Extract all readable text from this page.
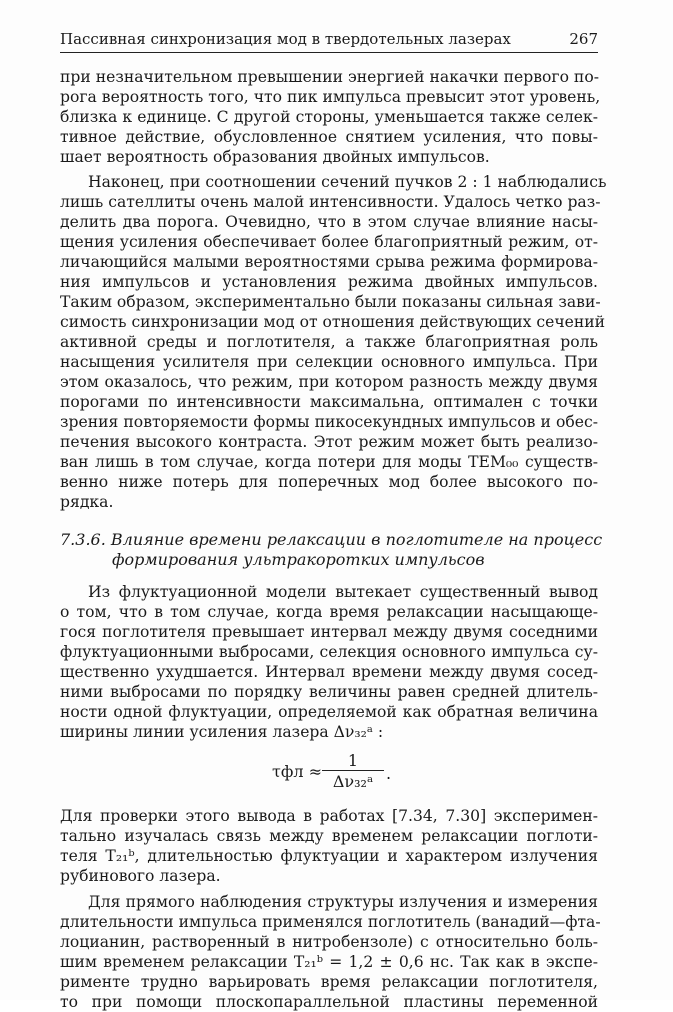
Пассивная синхронизация мод в твердотельных лазерах	267
при незначительном превышении энергией накачки первого по-
рога вероятность того, что пик импульса превысит этот уровень,
близка к единице. С другой стороны, уменьшается также селек-
тивное действие, обусловленное снятием усиления, что повы-
шает вероятность образования двойных импульсов.
Наконец, при соотношении сечений пучков 2 : 1 наблюдались
лишь сателлиты очень малой интенсивности. Удалось четко раз-
делить два порога. Очевидно, что в этом случае влияние насы-
щения усиления обеспечивает более благоприятный режим, от-
личающийся малыми вероятностями срыва режима формирова-
ния импульсов и установления режима двойных импульсов.
Таким образом, экспериментально были показаны сильная зави-
симость синхронизации мод от отношения действующих сечений
активной среды и поглотителя, а также благоприятная роль
насыщения усилителя при селекции основного импульса. При
этом оказалось, что режим, при котором разность между двумя
порогами по интенсивности максимальна, оптимален с точки
зрения повторяемости формы пикосекундных импульсов и обес-
печения высокого контраста. Этот режим может быть реализо-
ван лишь в том случае, когда потери для моды TEM₀₀ существ-
венно ниже потерь для поперечных мод более высокого по-
рядка.
7.3.6. Влияние времени релаксации в поглотителе на процесс
формирования ультракоротких импульсов
Из флуктуационной модели вытекает существенный вывод
о том, что в том случае, когда время релаксации насыщающе-
гося поглотителя превышает интервал между двумя соседними
флуктуационными выбросами, селекция основного импульса су-
щественно ухудшается. Интервал времени между двумя сосед-
ними выбросами по порядку величины равен средней длитель-
ности одной флуктуации, определяемой как обратная величина
ширины линии усиления лазера Δν₃₂ᵃ :
$\tau фл \approx \frac{1}{\text{Δν₃₂ᵃ}}$ .
Для проверки этого вывода в работах [7.34, 7.30] эксперимен-
тально изучалась связь между временем релаксации поглоти-
теля T₂₁ᵇ, длительностью флуктуации и характером излучения
рубинового лазера.
Для прямого наблюдения структуры излучения и измерения
длительности импульса применялся поглотитель (ванадий—фта-
лоцианин, растворенный в нитробензоле) с относительно боль-
шим временем релаксации T₂₁ᵇ = 1,2 ± 0,6 нс. Так как в экспе-
рименте трудно варьировать время релаксации поглотителя,
то при помощи плоскопараллельной пластины переменной
